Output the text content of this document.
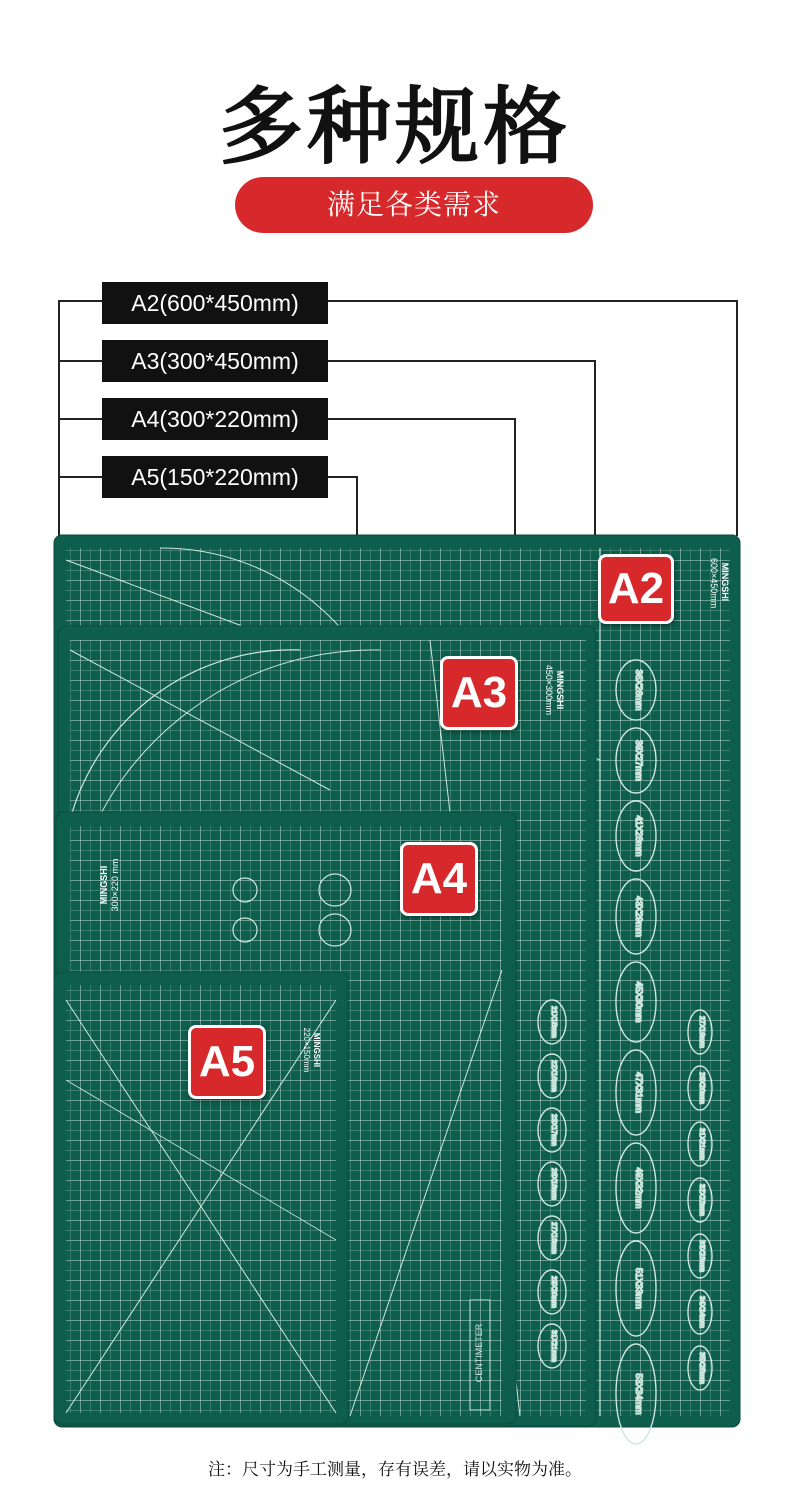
多种规格
满足各类需求
A2(600*450mm)
A3(300*450mm)
A4(300*220mm)
A5(150*220mm)
36X26mm
39X27mm
41X28mm
43X29mm
45X30mm
47X31mm
49X32mm
51X33mm
53X34mm
21X15mm
22X16mm
23X17mm
26X18mm
27X19mm
29X20mm
31X21mm
27X19mm
29X20mm
31X21mm
32X22mm
33X23mm
34X24mm
35X25mm
MINGSHI
600×450mm
MINGSHI
450×300mm
MINGSHI 300×220 mm
MINGSHI
220×150mm
CENTIMETER
A2
A3
A4
A5
注：尺寸为手工测量，存有误差，请以实物为准。
